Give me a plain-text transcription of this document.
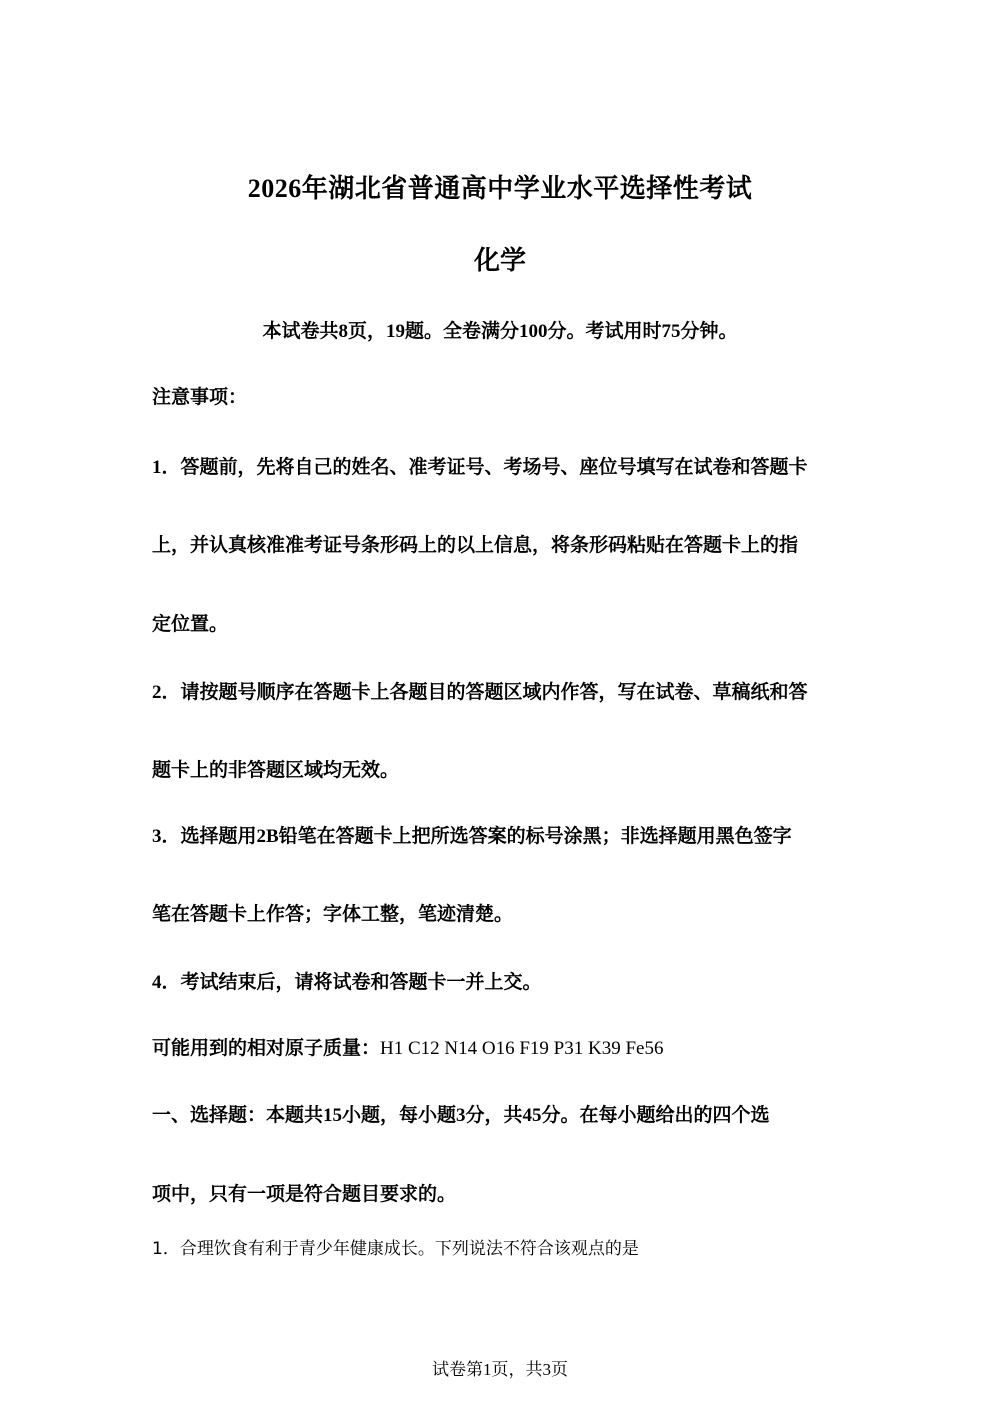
2026年湖北省普通高中学业水平选择性考试
化学
本试卷共8页，19题。全卷满分100分。考试用时75分钟。
注意事项：
1．答题前，先将自己的姓名、准考证号、考场号、座位号填写在试卷和答题卡
上，并认真核准准考证号条形码上的以上信息，将条形码粘贴在答题卡上的指
定位置。
2．请按题号顺序在答题卡上各题目的答题区域内作答，写在试卷、草稿纸和答
题卡上的非答题区域均无效。
3．选择题用2B铅笔在答题卡上把所选答案的标号涂黑；非选择题用黑色签字
笔在答题卡上作答；字体工整，笔迹清楚。
4．考试结束后，请将试卷和答题卡一并上交。
可能用到的相对原子质量：H1 C12 N14 O16 F19 P31 K39 Fe56
一、选择题：本题共15小题，每小题3分，共45分。在每小题给出的四个选
项中，只有一项是符合题目要求的。
1．合理饮食有利于青少年健康成长。下列说法不符合该观点的是
试卷第1页，共3页
